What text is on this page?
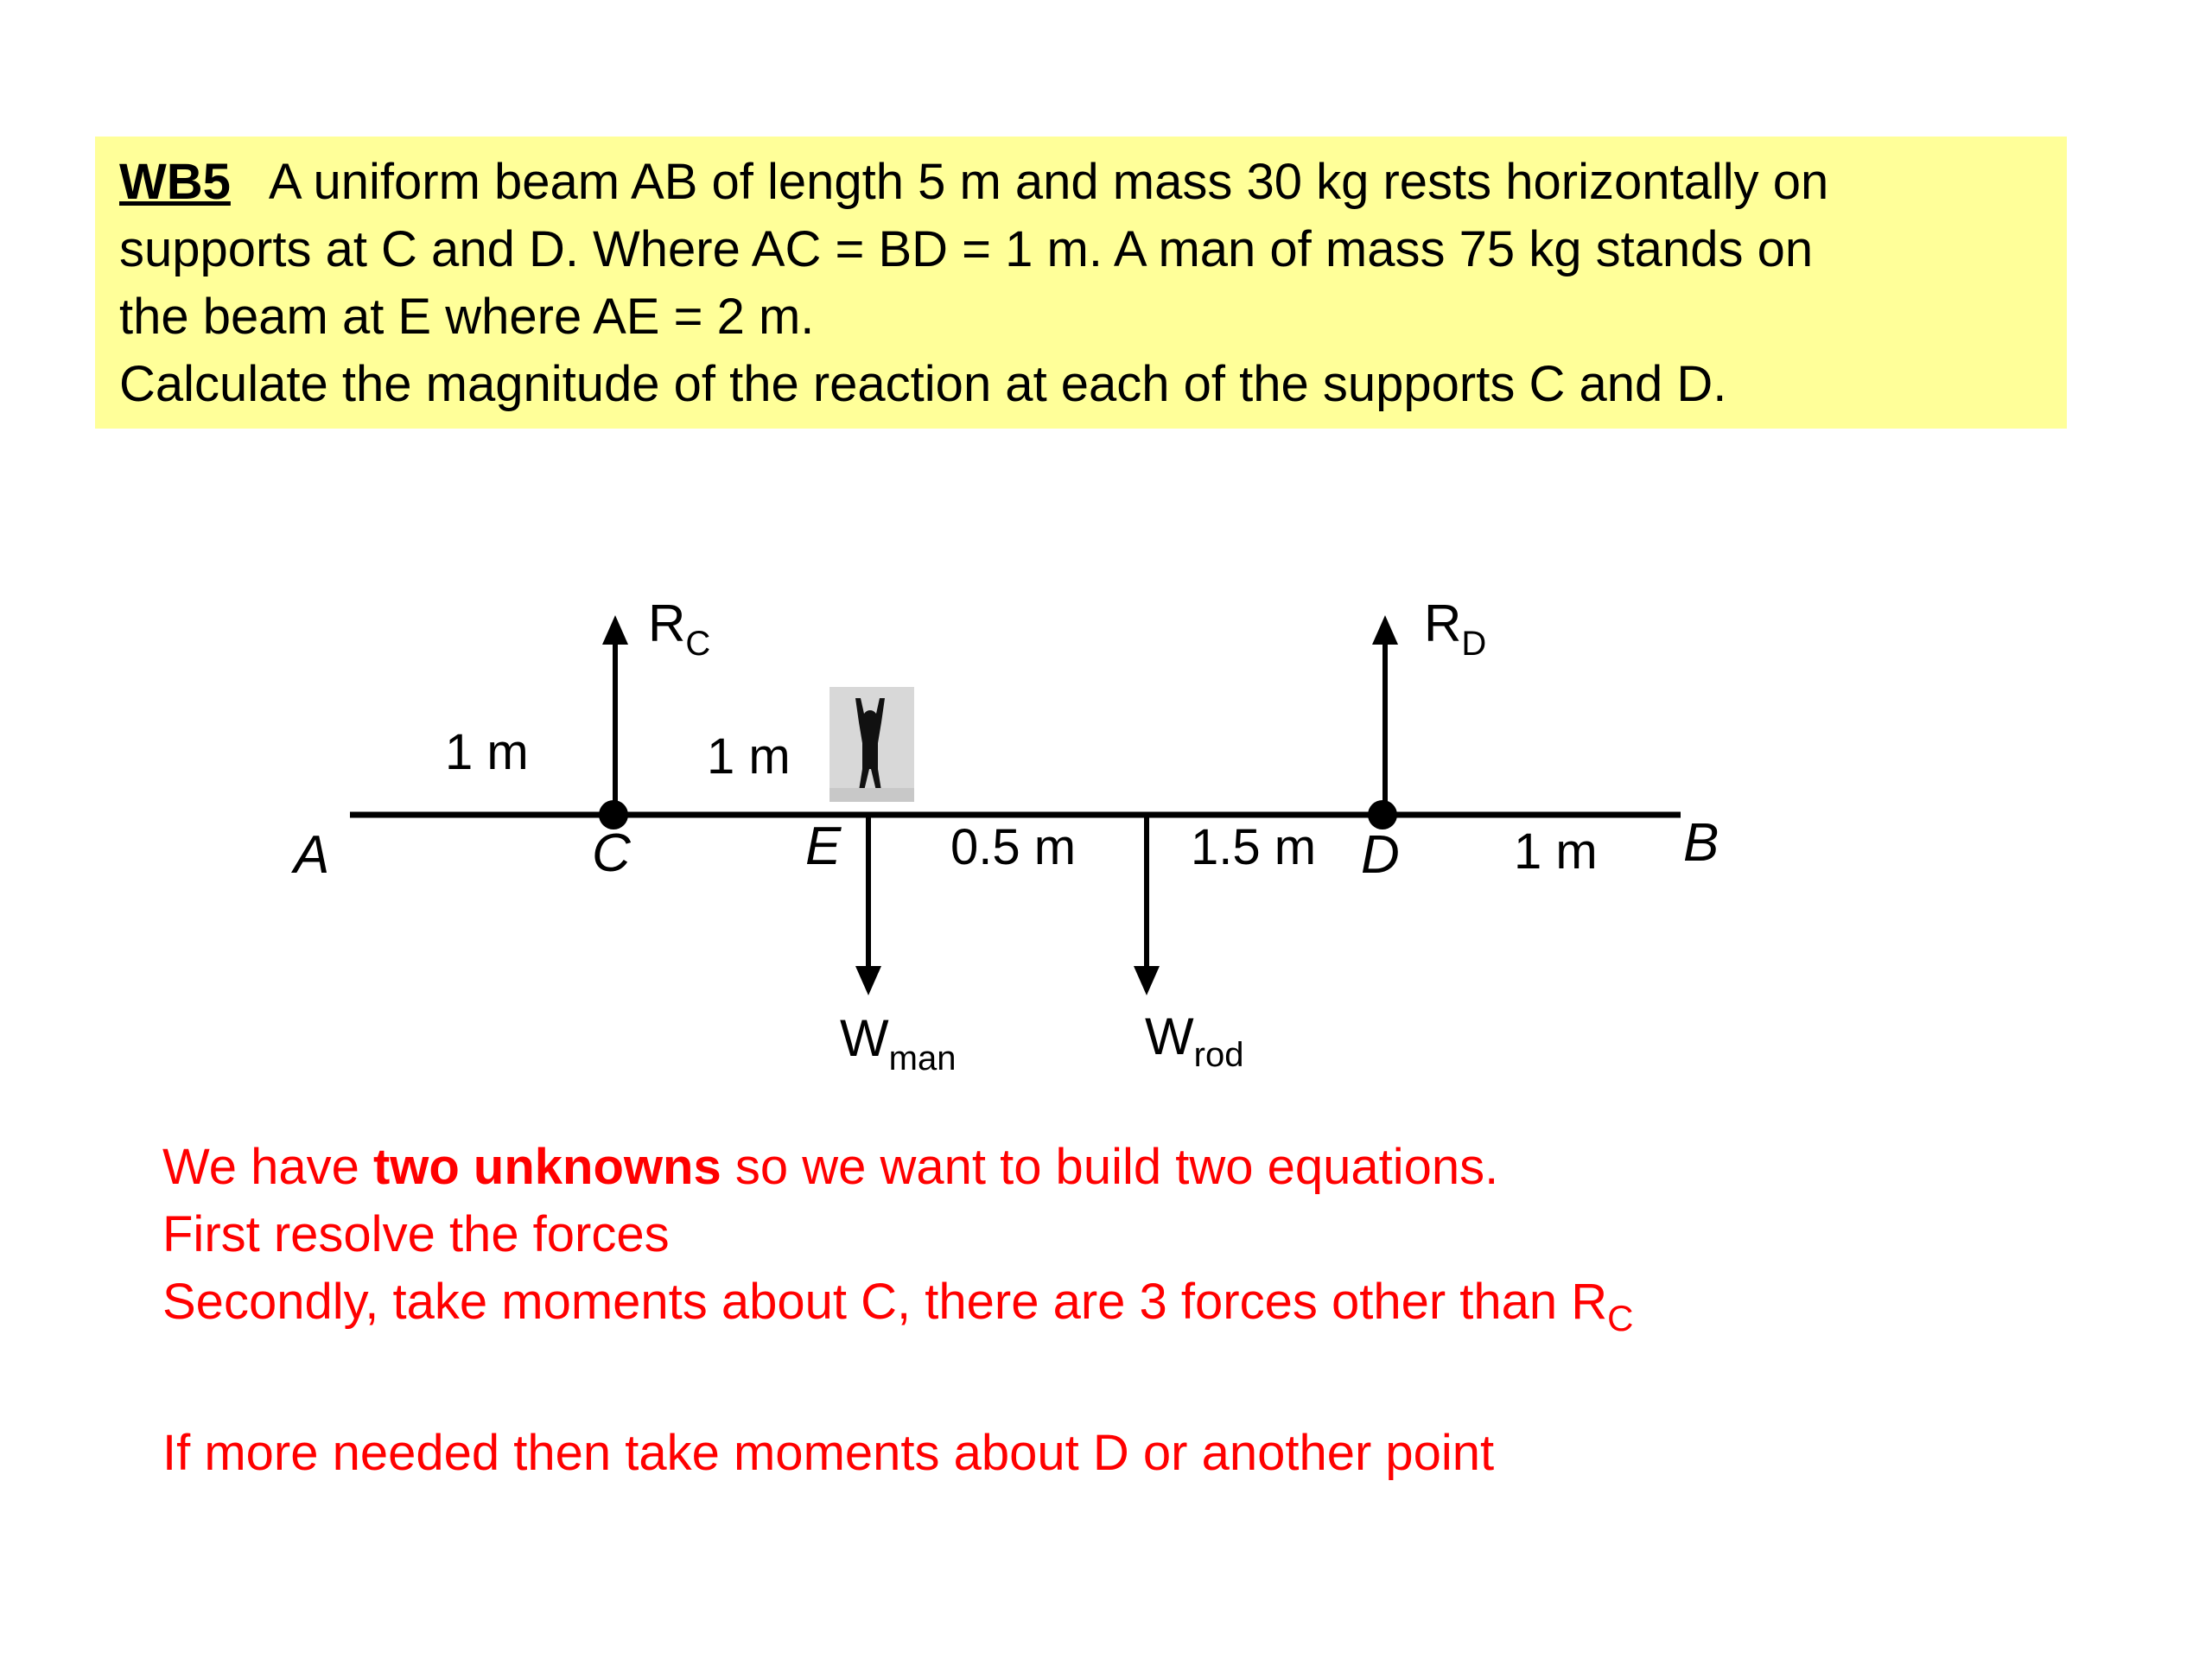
WB5 A uniform beam AB of length 5 m and mass 30 kg rests horizontally on

supports at C and D. Where AC = BD = 1 m. A man of mass 75 kg stands on

the beam at E where AE = 2 m.

Calculate the magnitude of the reaction at each of the supports C and D.

A	C	E	D	B
1 m	1 m
0.5 m 1.5 m	1 m
RC	RD
Wman	Wrod

We have two unknowns so we want to build two equations.

First resolve the forces

Secondly, take moments about C, there are 3 forces other than $R_C$

If more needed then take moments about D or another point
